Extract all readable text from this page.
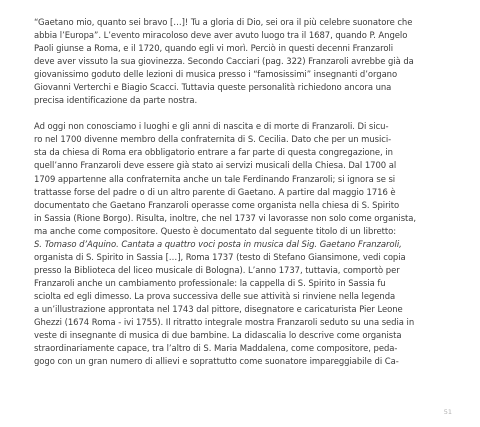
“Gaetano mio, quanto sei bravo […]! Tu a gloria di Dio, sei ora il più celebre suonatore che
abbia l’Europa”. L’evento miracoloso deve aver avuto luogo tra il 1687, quando P. Angelo
Paoli giunse a Roma, e il 1720, quando egli vi morì. Perciò in questi decenni Franzaroli
deve aver vissuto la sua giovinezza. Secondo Cacciari (pag. 322) Franzaroli avrebbe già da
giovanissimo goduto delle lezioni di musica presso i “famosissimi” insegnanti d’organo
Giovanni Verterchi e Biagio Scacci. Tuttavia queste personalità richiedono ancora una
precisa identificazione da parte nostra.

Ad oggi non conosciamo i luoghi e gli anni di nascita e di morte di Franzaroli. Di sicu-
ro nel 1700 divenne membro della confraternita di S. Cecilia. Dato che per un musici-
sta da chiesa di Roma era obbligatorio entrare a far parte di questa congregazione, in
quell’anno Franzaroli deve essere già stato ai servizi musicali della Chiesa. Dal 1700 al
1709 appartenne alla confraternita anche un tale Ferdinando Franzaroli; si ignora se si
trattasse forse del padre o di un altro parente di Gaetano. A partire dal maggio 1716 è
documentato che Gaetano Franzaroli operasse come organista nella chiesa di S. Spirito
in Sassia (Rione Borgo). Risulta, inoltre, che nel 1737 vi lavorasse non solo come organista,
ma anche come compositore. Questo è documentato dal seguente titolo di un libretto:
S. Tomaso d’Aquino. Cantata a quattro voci posta in musica dal Sig. Gaetano Franzaroli,
organista di S. Spirito in Sassia […], Roma 1737 (testo di Stefano Giansimone, vedi copia
presso la Biblioteca del liceo musicale di Bologna). L’anno 1737, tuttavia, comportò per
Franzaroli anche un cambiamento professionale: la cappella di S. Spirito in Sassia fu
sciolta ed egli dimesso. La prova successiva delle sue attività si rinviene nella legenda
a un’illustrazione approntata nel 1743 dal pittore, disegnatore e caricaturista Pier Leone
Ghezzi (1674 Roma - ivi 1755). Il ritratto integrale mostra Franzaroli seduto su una sedia in
veste di insegnante di musica di due bambine. La didascalia lo descrive come organista
straordinariamente capace, tra l’altro di S. Maria Maddalena, come compositore, peda-
gogo con un gran numero di allievi e soprattutto come suonatore impareggiabile di Ca-

51
